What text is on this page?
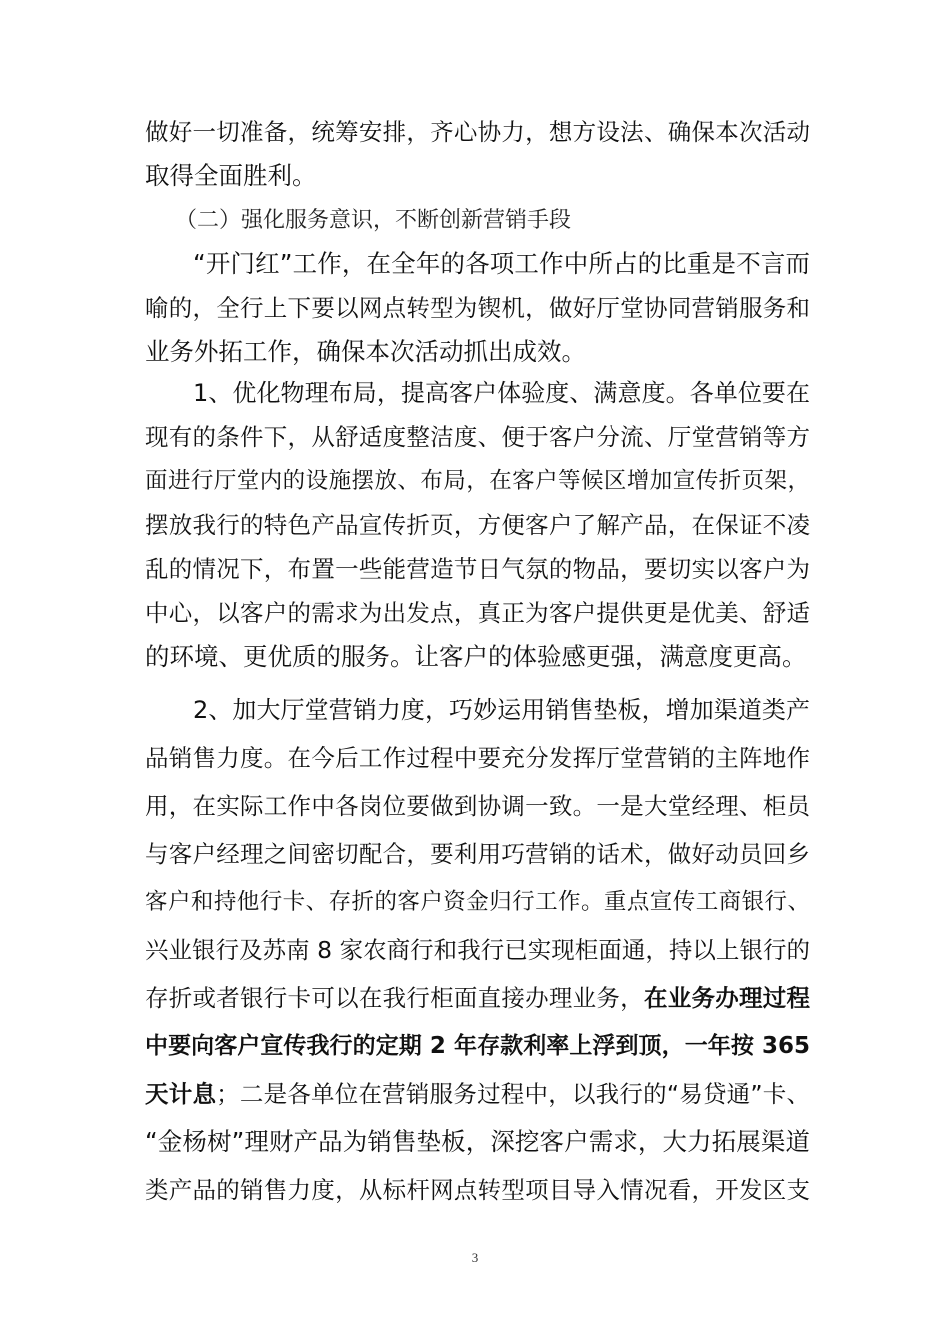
做好一切准备，统筹安排，齐心协力，想方设法、确保本次活动
取得全面胜利。
（二）强化服务意识，不断创新营销手段
“开门红”工作，在全年的各项工作中所占的比重是不言而
喻的，全行上下要以网点转型为锲机，做好厅堂协同营销服务和
业务外拓工作，确保本次活动抓出成效。
1、优化物理布局，提高客户体验度、满意度。各单位要在
现有的条件下，从舒适度整洁度、便于客户分流、厅堂营销等方
面进行厅堂内的设施摆放、布局，在客户等候区增加宣传折页架，
摆放我行的特色产品宣传折页，方便客户了解产品，在保证不凌
乱的情况下，布置一些能营造节日气氛的物品，要切实以客户为
中心，以客户的需求为出发点，真正为客户提供更是优美、舒适
的环境、更优质的服务。让客户的体验感更强，满意度更高。
2、加大厅堂营销力度，巧妙运用销售垫板，增加渠道类产
品销售力度。在今后工作过程中要充分发挥厅堂营销的主阵地作
用，在实际工作中各岗位要做到协调一致。一是大堂经理、柜员
与客户经理之间密切配合，要利用巧营销的话术，做好动员回乡
客户和持他行卡、存折的客户资金归行工作。重点宣传工商银行、
兴业银行及苏南 8 家农商行和我行已实现柜面通，持以上银行的
存折或者银行卡可以在我行柜面直接办理业务，在业务办理过程
中要向客户宣传我行的定期 2 年存款利率上浮到顶，一年按 365
天计息；二是各单位在营销服务过程中，以我行的“易贷通”卡、
“金杨树”理财产品为销售垫板，深挖客户需求，大力拓展渠道
类产品的销售力度，从标杆网点转型项目导入情况看，开发区支
3
